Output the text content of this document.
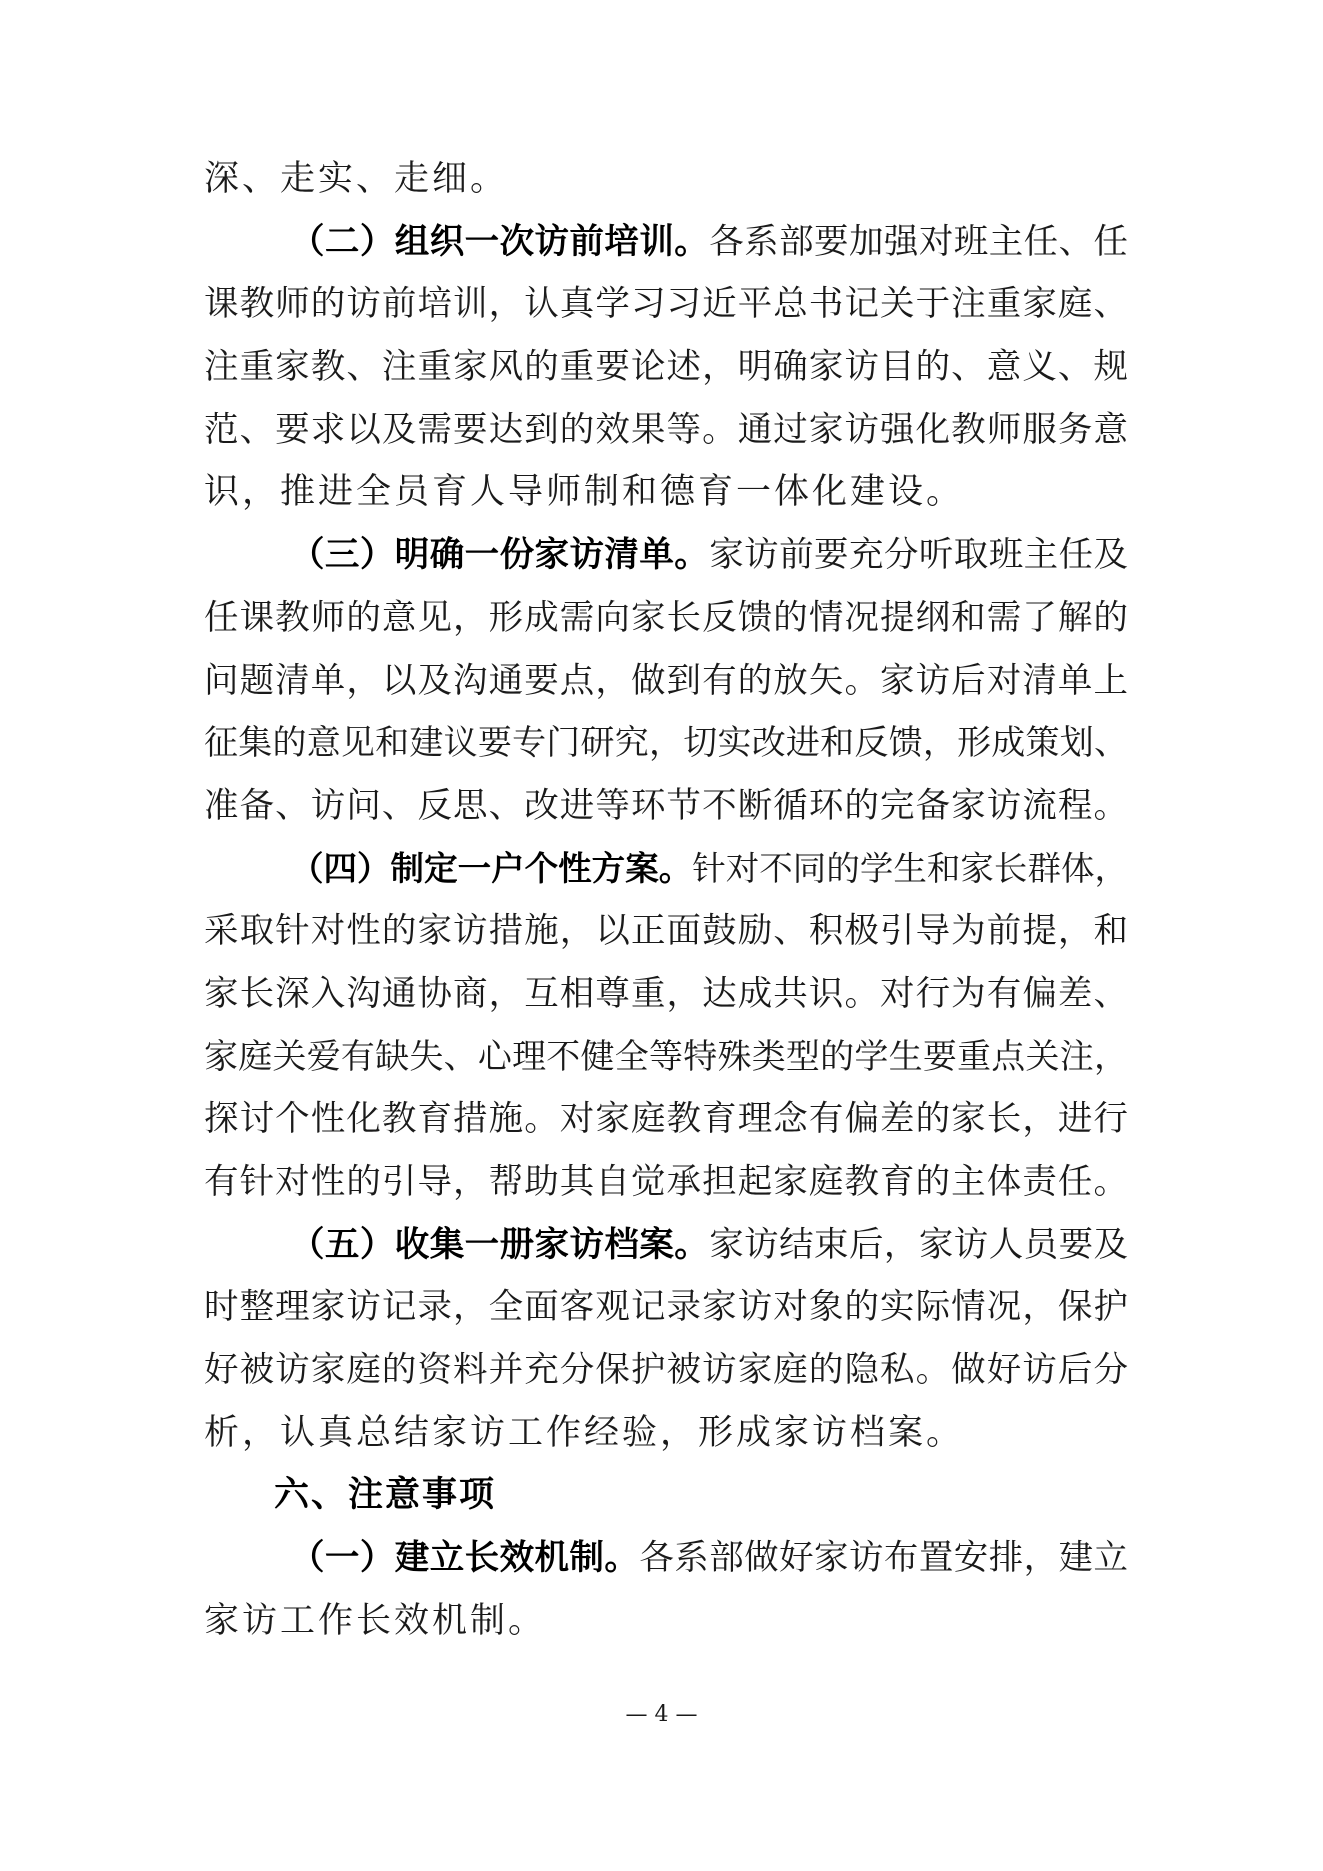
深、走实、走细。
（二）组织一次访前培训。各系部要加强对班主任、任
课教师的访前培训，认真学习习近平总书记关于注重家庭、
注重家教、注重家风的重要论述，明确家访目的、意义、规
范、要求以及需要达到的效果等。通过家访强化教师服务意
识，推进全员育人导师制和德育一体化建设。
（三）明确一份家访清单。家访前要充分听取班主任及
任课教师的意见，形成需向家长反馈的情况提纲和需了解的
问题清单，以及沟通要点，做到有的放矢。家访后对清单上
征集的意见和建议要专门研究，切实改进和反馈，形成策划、
准备、访问、反思、改进等环节不断循环的完备家访流程。
（四）制定一户个性方案。针对不同的学生和家长群体，
采取针对性的家访措施，以正面鼓励、积极引导为前提，和
家长深入沟通协商，互相尊重，达成共识。对行为有偏差、
家庭关爱有缺失、心理不健全等特殊类型的学生要重点关注，
探讨个性化教育措施。对家庭教育理念有偏差的家长，进行
有针对性的引导，帮助其自觉承担起家庭教育的主体责任。
（五）收集一册家访档案。家访结束后，家访人员要及
时整理家访记录，全面客观记录家访对象的实际情况，保护
好被访家庭的资料并充分保护被访家庭的隐私。做好访后分
析，认真总结家访工作经验，形成家访档案。
六、注意事项
（一）建立长效机制。各系部做好家访布置安排，建立
家访工作长效机制。
— 4 —
